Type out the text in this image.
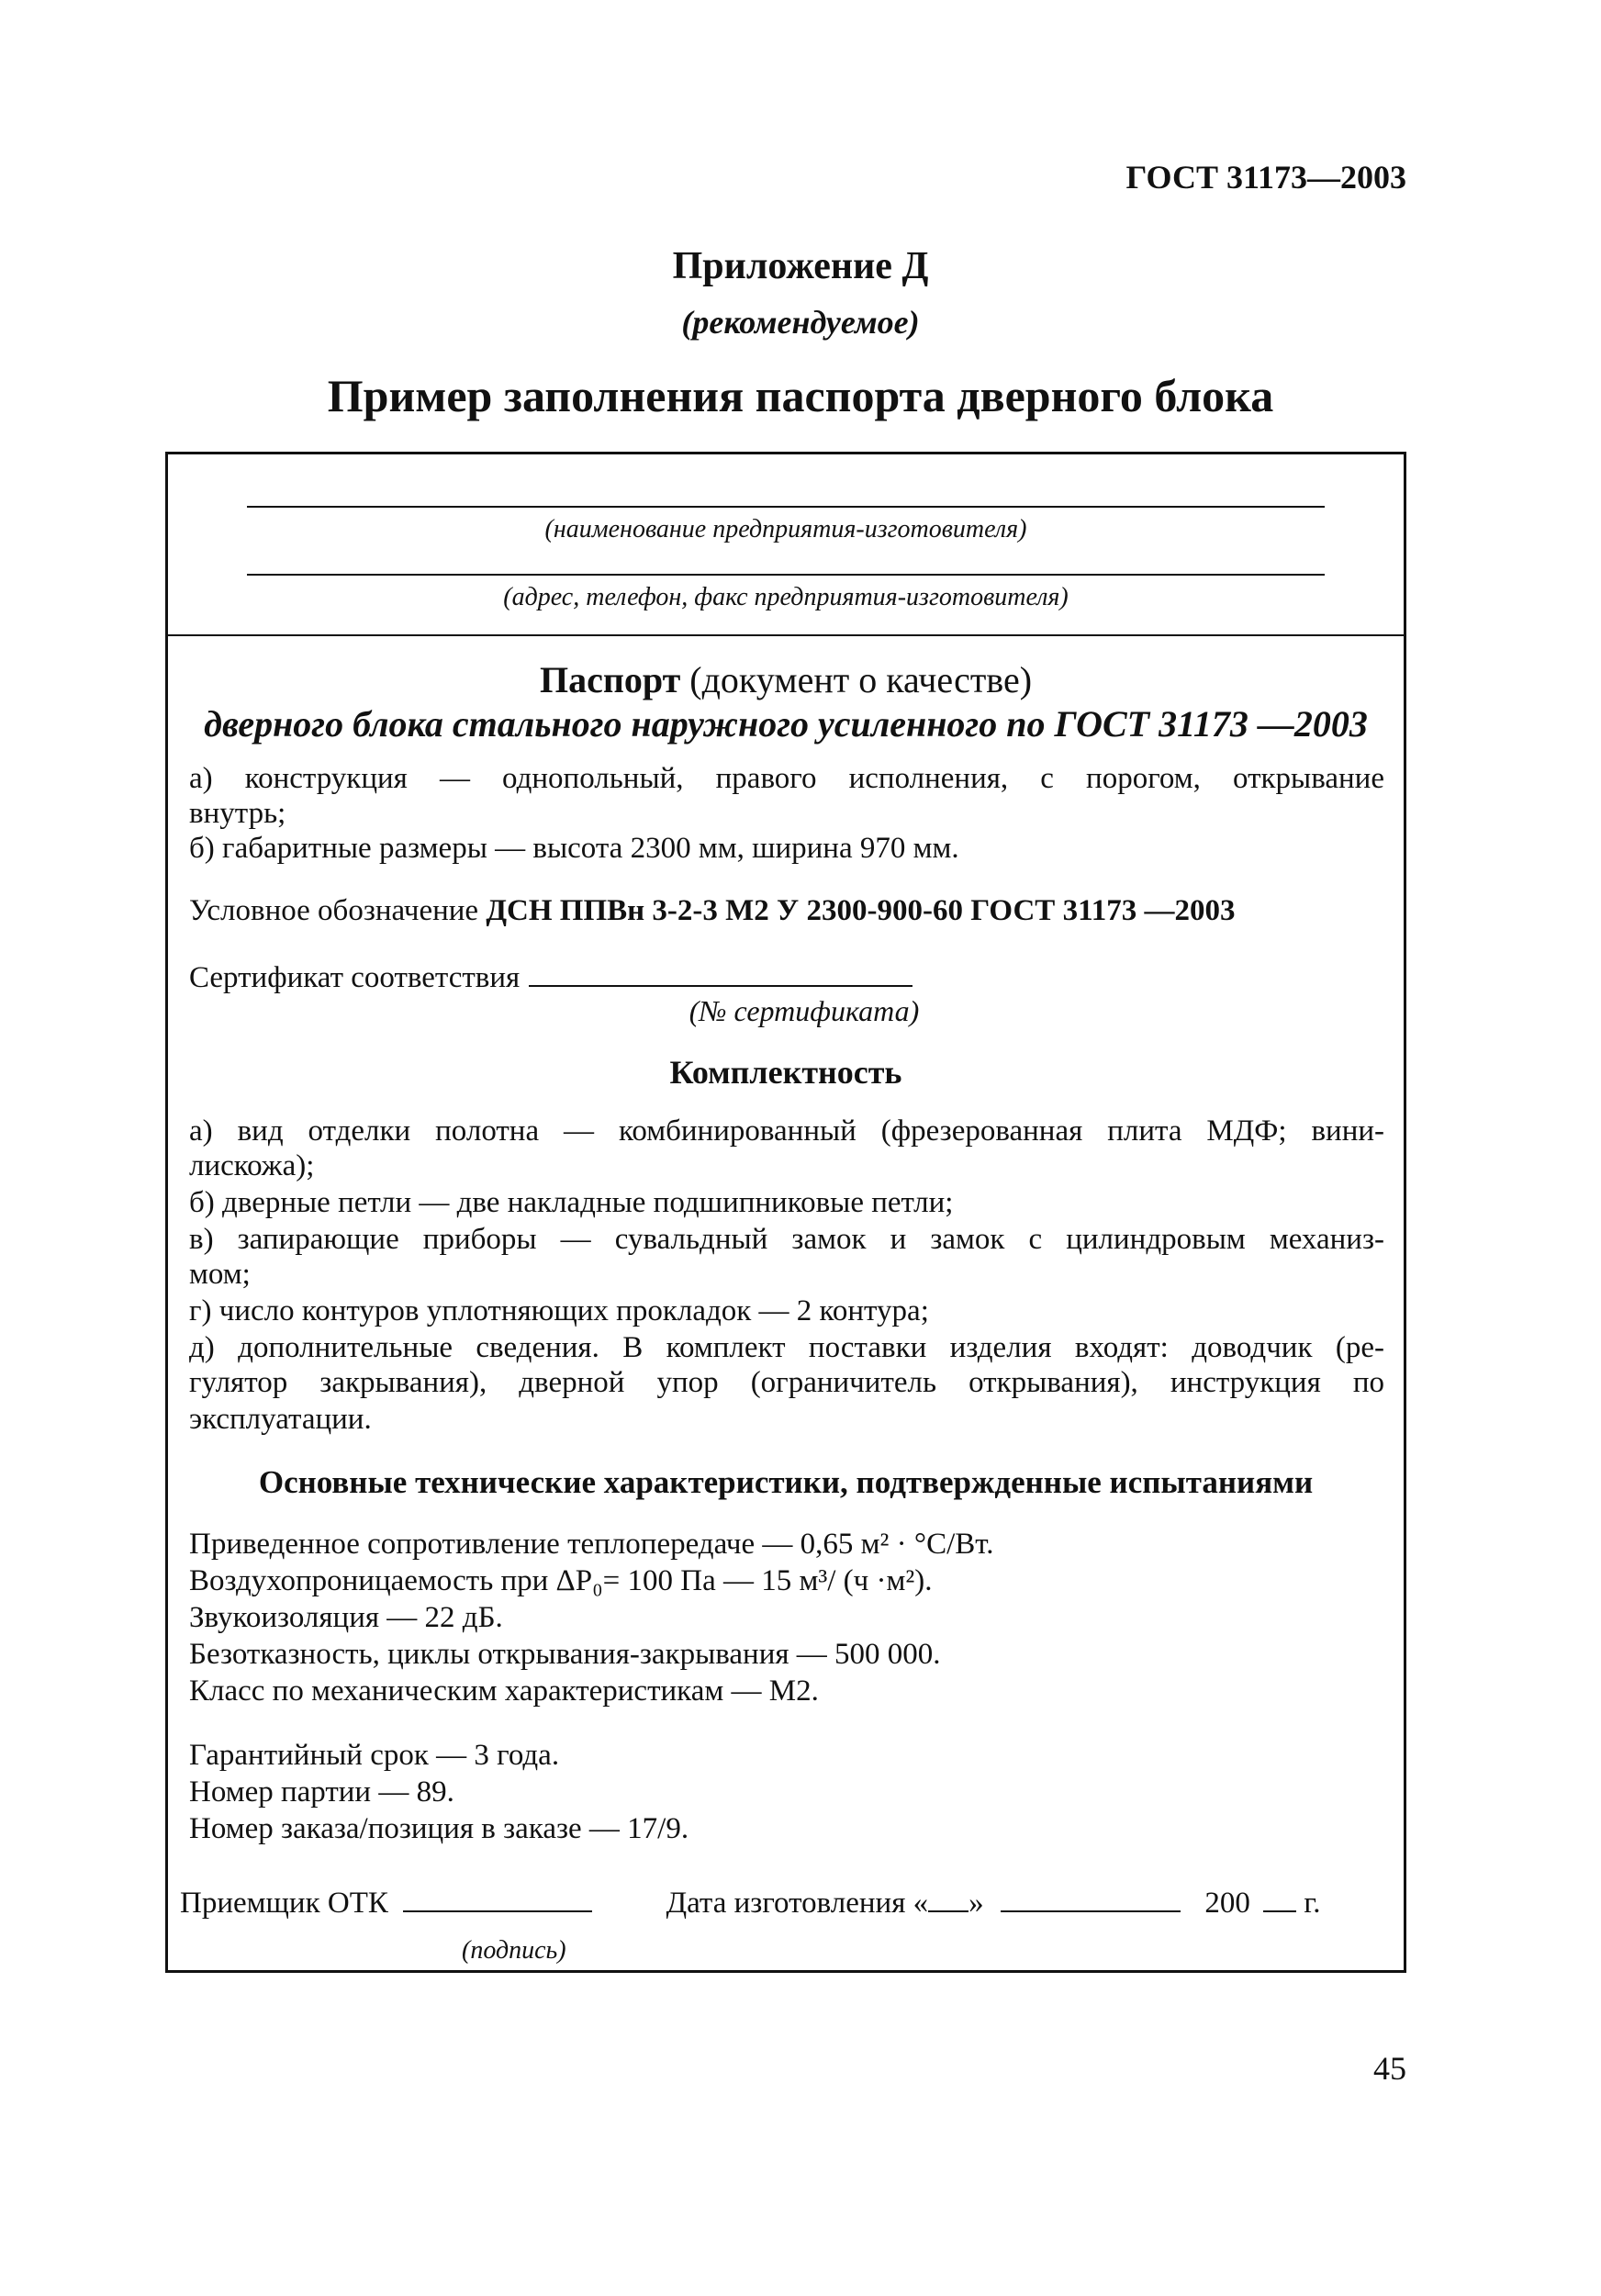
ГОСТ 31173—2003
Приложение Д
(рекомендуемое)
Пример заполнения паспорта дверного блока
(наименование предприятия-изготовителя)
(адрес, телефон, факс предприятия-изготовителя)
Паспорт (документ о качестве)
дверного блока стального наружного усиленного по ГОСТ 31173 —2003
а) конструкция — однопольный, правого исполнения, с порогом, открывание
внутрь;
б) габаритные размеры — высота 2300 мм, ширина 970 мм.
Условное обозначение ДСН ППВн 3-2-3 М2 У 2300-900-60 ГОСТ 31173 —2003
Сертификат соответствия
(№ сертификата)
Комплектность
а) вид отделки полотна — комбинированный (фрезерованная плита МДФ; вини-
лискожа);
б) дверные петли — две накладные подшипниковые петли;
в) запирающие приборы — сувальдный замок и замок с цилиндровым механиз-
мом;
г) число контуров уплотняющих прокладок — 2 контура;
д) дополнительные сведения. В комплект поставки изделия входят: доводчик (ре-
гулятор закрывания), дверной упор (ограничитель открывания), инструкция по
эксплуатации.
Основные технические характеристики, подтвержденные испытаниями
Приведенное сопротивление теплопередаче — 0,65 м² · °С/Вт.
Воздухопроницаемость при ΔP₀= 100 Па — 15 м³/ (ч ·м²).
Звукоизоляция — 22 дБ.
Безотказность, циклы открывания-закрывания — 500 000.
Класс по механическим характеристикам — М2.
Гарантийный срок — 3 года.
Номер партии — 89.
Номер заказа/позиция в заказе — 17/9.
Приемщик ОТК	Дата изготовления « »	200 г.
(подпись)
45
